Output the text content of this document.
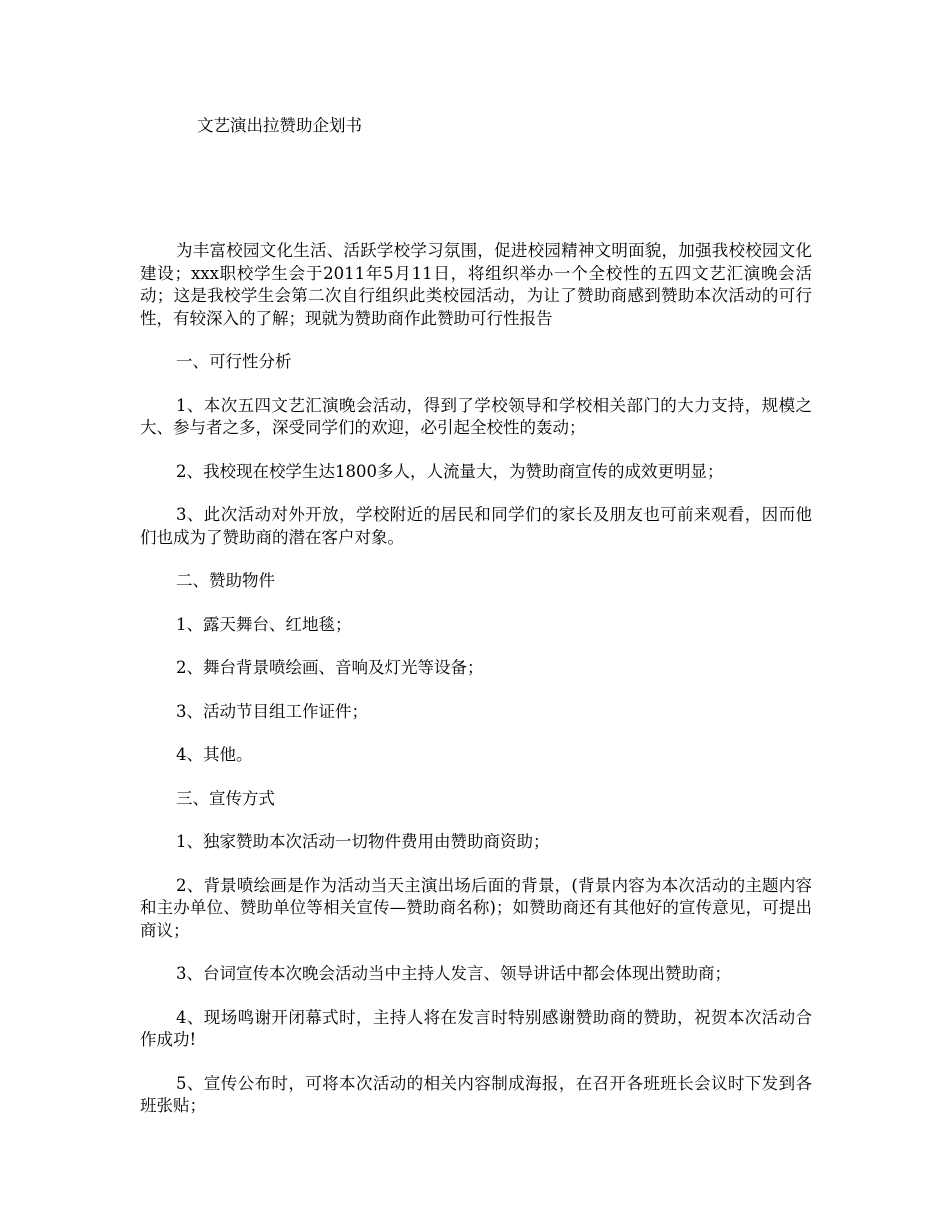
文艺演出拉赞助企划书

为丰富校园文化生活、活跃学校学习氛围，促进校园精神文明面貌，加强我校校园文化建设；xxx职校学生会于2011年5月11日，将组织举办一个全校性的五四文艺汇演晚会活动；这是我校学生会第二次自行组织此类校园活动，为让了赞助商感到赞助本次活动的可行性，有较深入的了解；现就为赞助商作此赞助可行性报告

一、可行性分析

1、本次五四文艺汇演晚会活动，得到了学校领导和学校相关部门的大力支持，规模之大、参与者之多，深受同学们的欢迎，必引起全校性的轰动；

2、我校现在校学生达1800多人，人流量大，为赞助商宣传的成效更明显；

3、此次活动对外开放，学校附近的居民和同学们的家长及朋友也可前来观看，因而他们也成为了赞助商的潜在客户对象。

二、赞助物件

1、露天舞台、红地毯；

2、舞台背景喷绘画、音响及灯光等设备；

3、活动节目组工作证件；

4、其他。

三、宣传方式

1、独家赞助本次活动一切物件费用由赞助商资助；

2、背景喷绘画是作为活动当天主演出场后面的背景，(背景内容为本次活动的主题内容和主办单位、赞助单位等相关宣传—赞助商名称)；如赞助商还有其他好的宣传意见，可提出商议；

3、台词宣传本次晚会活动当中主持人发言、领导讲话中都会体现出赞助商；

4、现场鸣谢开闭幕式时，主持人将在发言时特别感谢赞助商的赞助，祝贺本次活动合作成功!

5、宣传公布时，可将本次活动的相关内容制成海报，在召开各班班长会议时下发到各班张贴；
